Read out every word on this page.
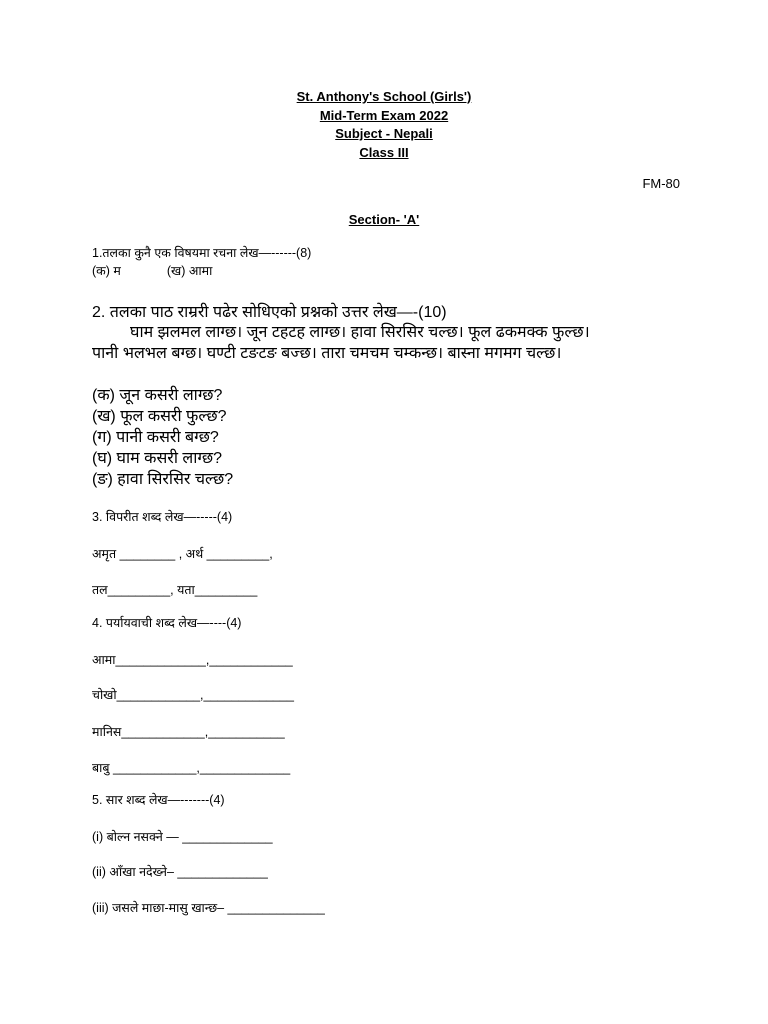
St. Anthony's School (Girls')
Mid-Term Exam 2022
Subject - Nepali
Class III
FM-80
Section- 'A'
1.तलका कुनै एक विषयमा रचना लेख—------(8)
(क) म	(ख) आमा
2. तलका पाठ राम्ररी पढेर सोधिएको प्रश्नको उत्तर लेख—-(10)
घाम झलमल लाग्छ। जून टहटह लाग्छ। हावा सिरसिर चल्छ। फूल ढकमक्क फुल्छ।
पानी भलभल बग्छ। घण्टी टङटङ बज्छ। तारा चमचम चम्कन्छ। बास्ना मगमग चल्छ।
(क) जून कसरी लाग्छ?
(ख) फूल कसरी फुल्छ?
(ग) पानी कसरी बग्छ?
(घ) घाम कसरी लाग्छ?
(ङ) हावा सिरसिर चल्छ?
3. विपरीत शब्द लेख—-----(4)
अमृत ________ , अर्थ _________,
तल_________, यता_________
4. पर्यायवाची शब्द लेख—----(4)
आमा_____________,____________
चोखो____________,_____________
मानिस____________,___________
बाबु ____________,_____________
5. सार शब्द लेख—-------(4)
(i) बोल्न नसक्ने — _____________
(ii) आँखा नदेख्ने– _____________
(iii) जसले माछा-मासु खान्छ– ______________
